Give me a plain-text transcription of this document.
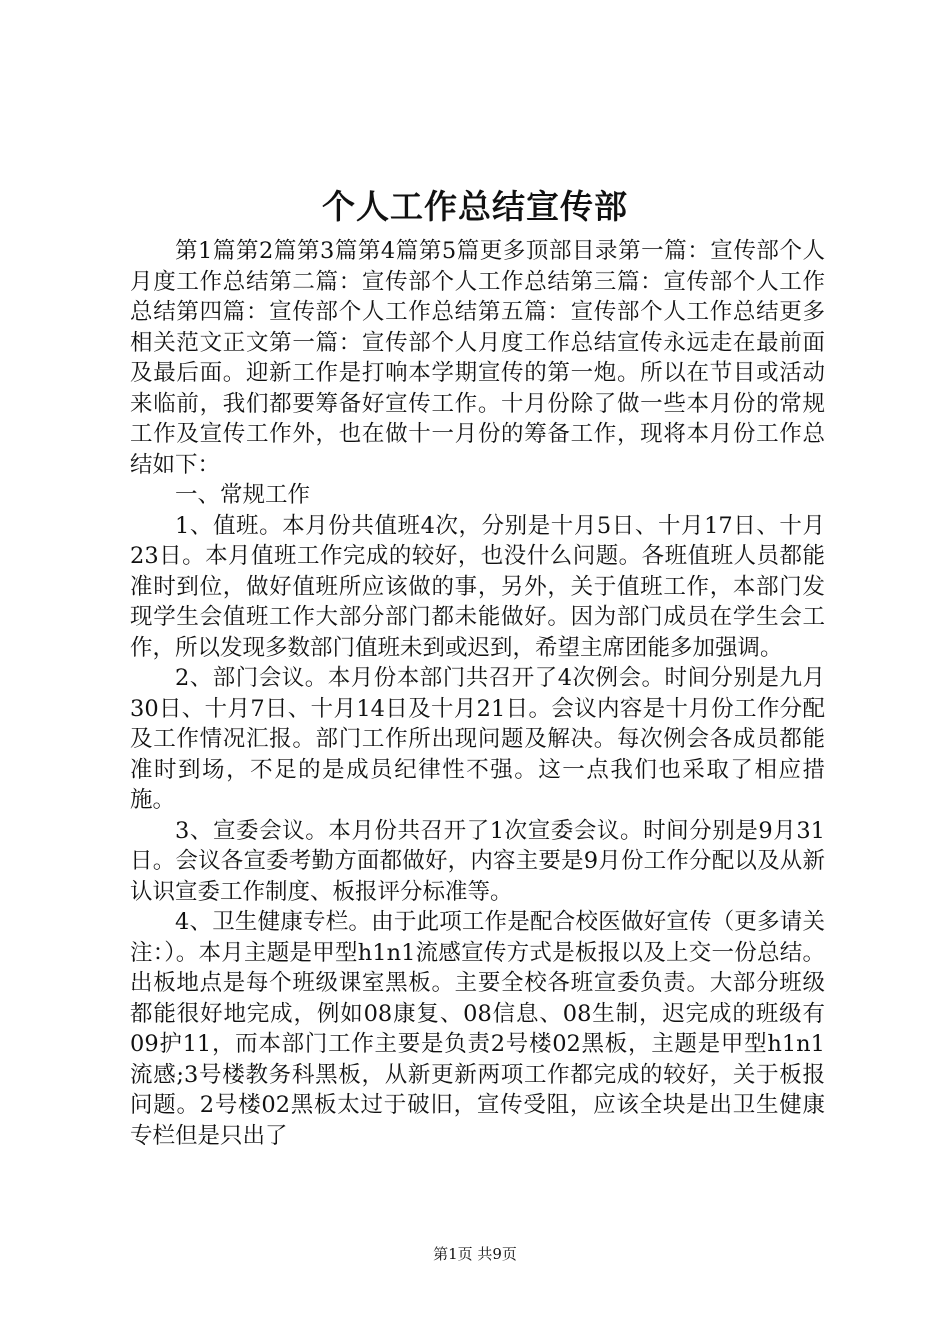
个人工作总结宣传部

第1篇第2篇第3篇第4篇第5篇更多顶部目录第一篇：宣传部个人月度工作总结第二篇：宣传部个人工作总结第三篇：宣传部个人工作总结第四篇：宣传部个人工作总结第五篇：宣传部个人工作总结更多相关范文正文第一篇：宣传部个人月度工作总结宣传永远走在最前面及最后面。迎新工作是打响本学期宣传的第一炮。所以在节目或活动来临前，我们都要筹备好宣传工作。十月份除了做一些本月份的常规工作及宣传工作外，也在做十一月份的筹备工作，现将本月份工作总结如下：

一、常规工作

1、值班。本月份共值班4次，分别是十月5日、十月17日、十月23日。本月值班工作完成的较好，也没什么问题。各班值班人员都能准时到位，做好值班所应该做的事，另外，关于值班工作，本部门发现学生会值班工作大部分部门都未能做好。因为部门成员在学生会工作，所以发现多数部门值班未到或迟到，希望主席团能多加强调。

2、部门会议。本月份本部门共召开了4次例会。时间分别是九月30日、十月7日、十月14日及十月21日。会议内容是十月份工作分配及工作情况汇报。部门工作所出现问题及解决。每次例会各成员都能准时到场，不足的是成员纪律性不强。这一点我们也采取了相应措施。

3、宣委会议。本月份共召开了1次宣委会议。时间分别是9月31日。会议各宣委考勤方面都做好，内容主要是9月份工作分配以及从新认识宣委工作制度、板报评分标准等。

4、卫生健康专栏。由于此项工作是配合校医做好宣传（更多请关注：）。本月主题是甲型h1n1流感宣传方式是板报以及上交一份总结。出板地点是每个班级课室黑板。主要全校各班宣委负责。大部分班级都能很好地完成，例如08康复、08信息、08生制，迟完成的班级有09护11，而本部门工作主要是负责2号楼02黑板，主题是甲型h1n1流感;3号楼教务科黑板，从新更新两项工作都完成的较好，关于板报问题。2号楼02黑板太过于破旧，宣传受阻，应该全块是出卫生健康专栏但是只出了

第1页 共9页
